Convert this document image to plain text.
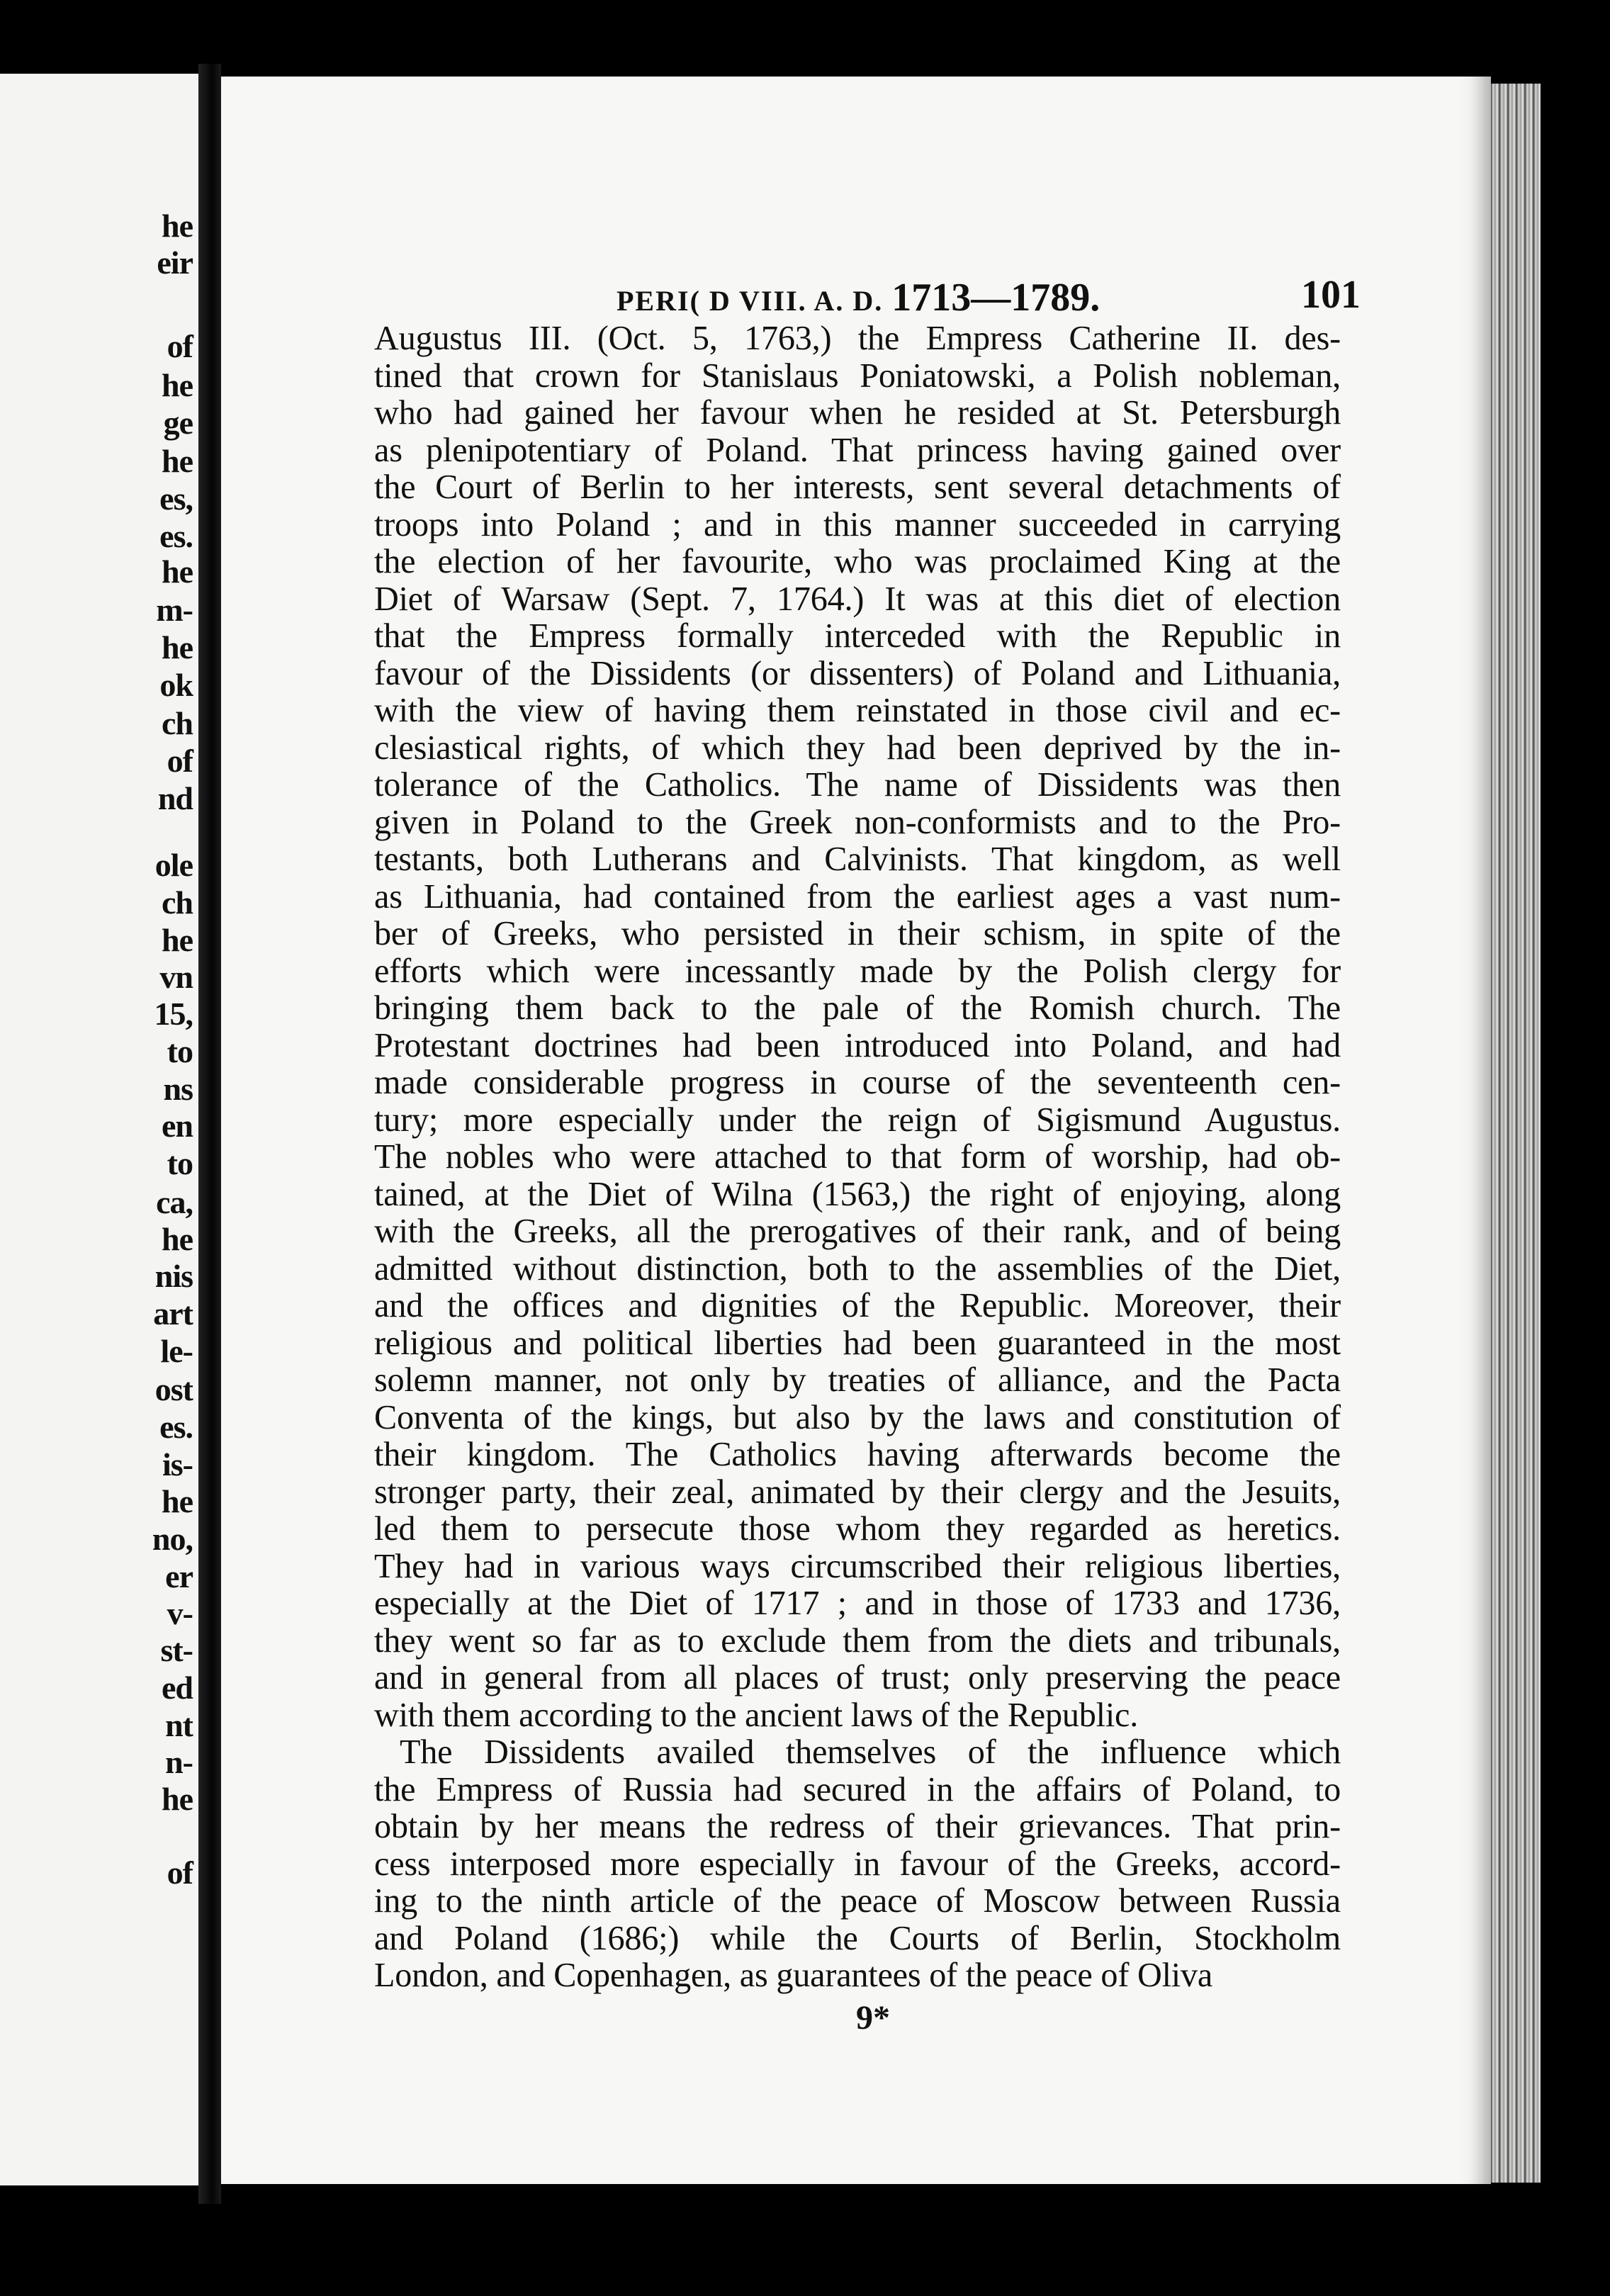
he
eir
of
he
ge
he
es,
es.
he
m-
he
ok
ch
of
nd
ole
ch
he
vn
15,
to
ns
en
to
ca,
he
nis
art
le-
ost
es.
is-
he
no,
er
v-
st-
ed
nt
n-
he
of
PERI( D VIII. A. D. 1713—1789.	101
Augustus III. (Oct. 5, 1763,) the Empress Catherine II. des-
tined that crown for Stanislaus Poniatowski, a Polish nobleman,
who had gained her favour when he resided at St. Petersburgh
as plenipotentiary of Poland. That princess having gained over
the Court of Berlin to her interests, sent several detachments of
troops into Poland ; and in this manner succeeded in carrying
the election of her favourite, who was proclaimed King at the
Diet of Warsaw (Sept. 7, 1764.) It was at this diet of election
that the Empress formally interceded with the Republic in
favour of the Dissidents (or dissenters) of Poland and Lithuania,
with the view of having them reinstated in those civil and ec-
clesiastical rights, of which they had been deprived by the in-
tolerance of the Catholics. The name of Dissidents was then
given in Poland to the Greek non-conformists and to the Pro-
testants, both Lutherans and Calvinists. That kingdom, as well
as Lithuania, had contained from the earliest ages a vast num-
ber of Greeks, who persisted in their schism, in spite of the
efforts which were incessantly made by the Polish clergy for
bringing them back to the pale of the Romish church. The
Protestant doctrines had been introduced into Poland, and had
made considerable progress in course of the seventeenth cen-
tury; more especially under the reign of Sigismund Augustus.
The nobles who were attached to that form of worship, had ob-
tained, at the Diet of Wilna (1563,) the right of enjoying, along
with the Greeks, all the prerogatives of their rank, and of being
admitted without distinction, both to the assemblies of the Diet,
and the offices and dignities of the Republic. Moreover, their
religious and political liberties had been guaranteed in the most
solemn manner, not only by treaties of alliance, and the Pacta
Conventa of the kings, but also by the laws and constitution of
their kingdom. The Catholics having afterwards become the
stronger party, their zeal, animated by their clergy and the Jesuits,
led them to persecute those whom they regarded as heretics.
They had in various ways circumscribed their religious liberties,
especially at the Diet of 1717 ; and in those of 1733 and 1736,
they went so far as to exclude them from the diets and tribunals,
and in general from all places of trust; only preserving the peace
with them according to the ancient laws of the Republic.
The Dissidents availed themselves of the influence which
the Empress of Russia had secured in the affairs of Poland, to
obtain by her means the redress of their grievances. That prin-
cess interposed more especially in favour of the Greeks, accord-
ing to the ninth article of the peace of Moscow between Russia
and Poland (1686;) while the Courts of Berlin, Stockholm
London, and Copenhagen, as guarantees of the peace of Oliva
9*
